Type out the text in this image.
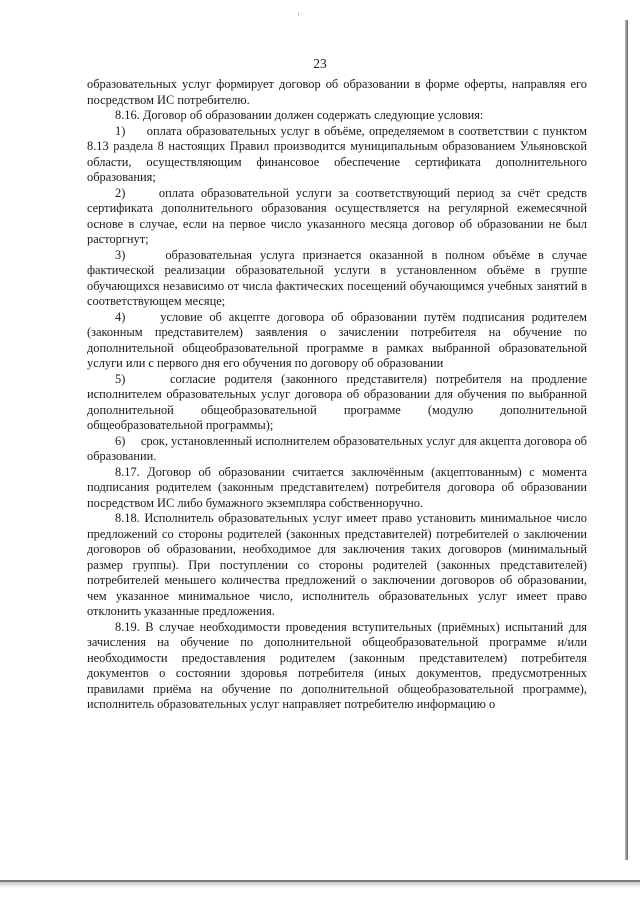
23

образовательных услуг формирует договор об образовании в форме оферты, направляя его посредством ИС потребителю.

8.16. Договор об образовании должен содержать следующие условия:

1)     оплата образовательных услуг в объёме, определяемом в соответствии с пунктом 8.13 раздела 8 настоящих Правил производится муниципальным образованием Ульяновской области, осуществляющим финансовое обеспечение сертификата дополнительного образования;

2)     оплата образовательной услуги за соответствующий период за счёт средств сертификата дополнительного образования осуществляется на регулярной ежемесячной основе в случае, если на первое число указанного месяца договор об образовании не был расторгнут;

3)     образовательная услуга признается оказанной в полном объёме в случае фактической реализации образовательной услуги в установленном объёме в группе обучающихся независимо от числа фактических посещений обучающимся учебных занятий в соответствующем месяце;

4)     условие об акцепте договора об образовании путём подписания родителем (законным представителем) заявления о зачислении потребителя на обучение по дополнительной общеобразовательной программе в рамках выбранной образовательной услуги или с первого дня его обучения по договору об образовании

5)     согласие родителя (законного представителя) потребителя на продление исполнителем образовательных услуг договора об образовании для обучения по выбранной дополнительной общеобразовательной программе (модулю дополнительной общеобразовательной программы);

6)     срок, установленный исполнителем образовательных услуг для акцепта договора об образовании.

8.17. Договор об образовании считается заключённым (акцептованным) с момента подписания родителем (законным представителем) потребителя договора об образовании посредством ИС либо бумажного экземпляра собственноручно.

8.18. Исполнитель образовательных услуг имеет право установить минимальное число предложений со стороны родителей (законных представителей) потребителей о заключении договоров об образовании, необходимое для заключения таких договоров (минимальный размер группы). При поступлении со стороны родителей (законных представителей) потребителей меньшего количества предложений о заключении договоров об образовании, чем указанное минимальное число, исполнитель образовательных услуг имеет право отклонить указанные предложения.

8.19. В случае необходимости проведения вступительных (приёмных) испытаний для зачисления на обучение по дополнительной общеобразовательной программе и/или необходимости предоставления родителем (законным представителем) потребителя документов о состоянии здоровья потребителя (иных документов, предусмотренных правилами приёма на обучение по дополнительной общеобразовательной программе), исполнитель образовательных услуг направляет потребителю информацию о
